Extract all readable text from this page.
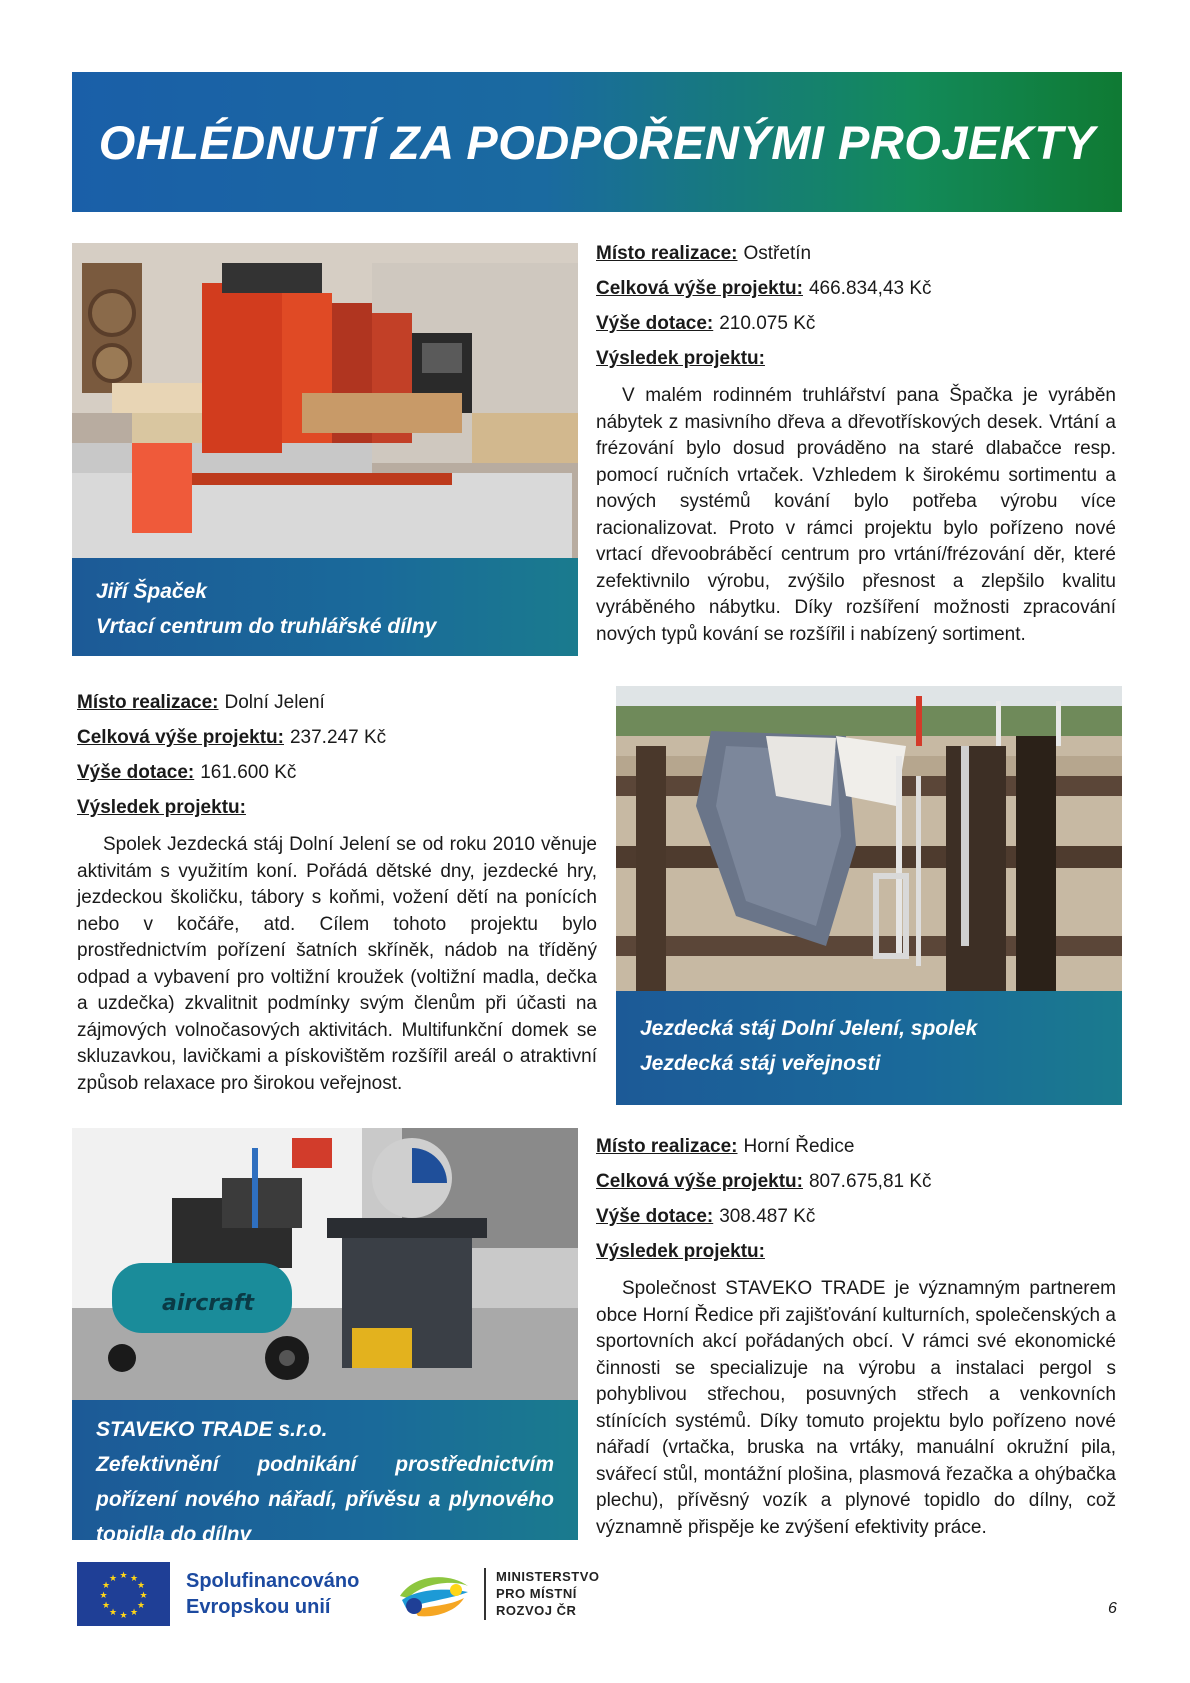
OHLÉDNUTÍ ZA PODPOŘENÝMI PROJEKTY
Jiří Špaček
Vrtací centrum do truhlářské dílny
Místo realizace: Ostřetín
Celková výše projektu: 466.834,43 Kč
Výše dotace: 210.075 Kč
Výsledek projektu:

V malém rodinném truhlářství pana Špačka je vyráběn nábytek z masivního dřeva a dřevotřískových desek. Vrtání a frézování bylo dosud prováděno na staré dlabačce resp. pomocí ručních vrtaček. Vzhledem k širokému sortimentu a nových systémů kování bylo potřeba výrobu více racionalizovat. Proto v rámci projektu bylo pořízeno nové vrtací dřevoobráběcí centrum pro vrtání/frézování děr, které zefektivnilo výrobu, zvýšilo přesnost a zlepšilo kvalitu vyráběného nábytku. Díky rozšíření možnosti zpracování nových typů kování se rozšířil i nabízený sortiment.

Místo realizace: Dolní Jelení
Celková výše projektu: 237.247 Kč
Výše dotace: 161.600 Kč
Výsledek projektu:

Spolek Jezdecká stáj Dolní Jelení se od roku 2010 věnuje aktivitám s využitím koní. Pořádá dětské dny, jezdecké hry, jezdeckou školičku, tábory s koňmi, vožení dětí na ponících nebo v kočáře, atd. Cílem tohoto projektu bylo prostřednictvím pořízení šatních skříněk, nádob na tříděný odpad a vybavení pro voltižní kroužek (voltižní madla, dečka a uzdečka) zkvalitnit podmínky svým členům při účasti na zájmových volnočasových aktivitách. Multifunkční domek se skluzavkou, lavičkami a pískovištěm rozšířil areál o atraktivní způsob relaxace pro širokou veřejnost.

Jezdecká stáj Dolní Jelení, spolek
Jezdecká stáj veřejnosti
aircraft
STAVEKO TRADE s.r.o.
Zefektivnění podnikání prostřednictvím pořízení nového nářadí, přívěsu a plynového topidla do dílny
Místo realizace: Horní Ředice
Celková výše projektu: 807.675,81 Kč
Výše dotace: 308.487 Kč
Výsledek projektu:

Společnost STAVEKO TRADE je významným partnerem obce Horní Ředice při zajišťování kulturních, společenských a sportovních akcí pořádaných obcí. V rámci své ekonomické činnosti se specializuje na výrobu a instalaci pergol s pohyblivou střechou, posuvných střech a venkovních stínících systémů. Díky tomuto projektu bylo pořízeno nové nářadí (vrtačka, bruska na vrtáky, manuální okružní pila, svářecí stůl, montážní plošina, plasmová řezačka a ohýbačka plechu), přívěsný vozík a plynové topidlo do dílny, což významně přispěje ke zvýšení efektivity práce.

★ ★
★
★
★
★
★
★
★
★
★
★	Spolufinancováno
Evropskou unií
MINISTERSTVO
PRO MÍSTNÍ
ROZVOJ ČR	6
